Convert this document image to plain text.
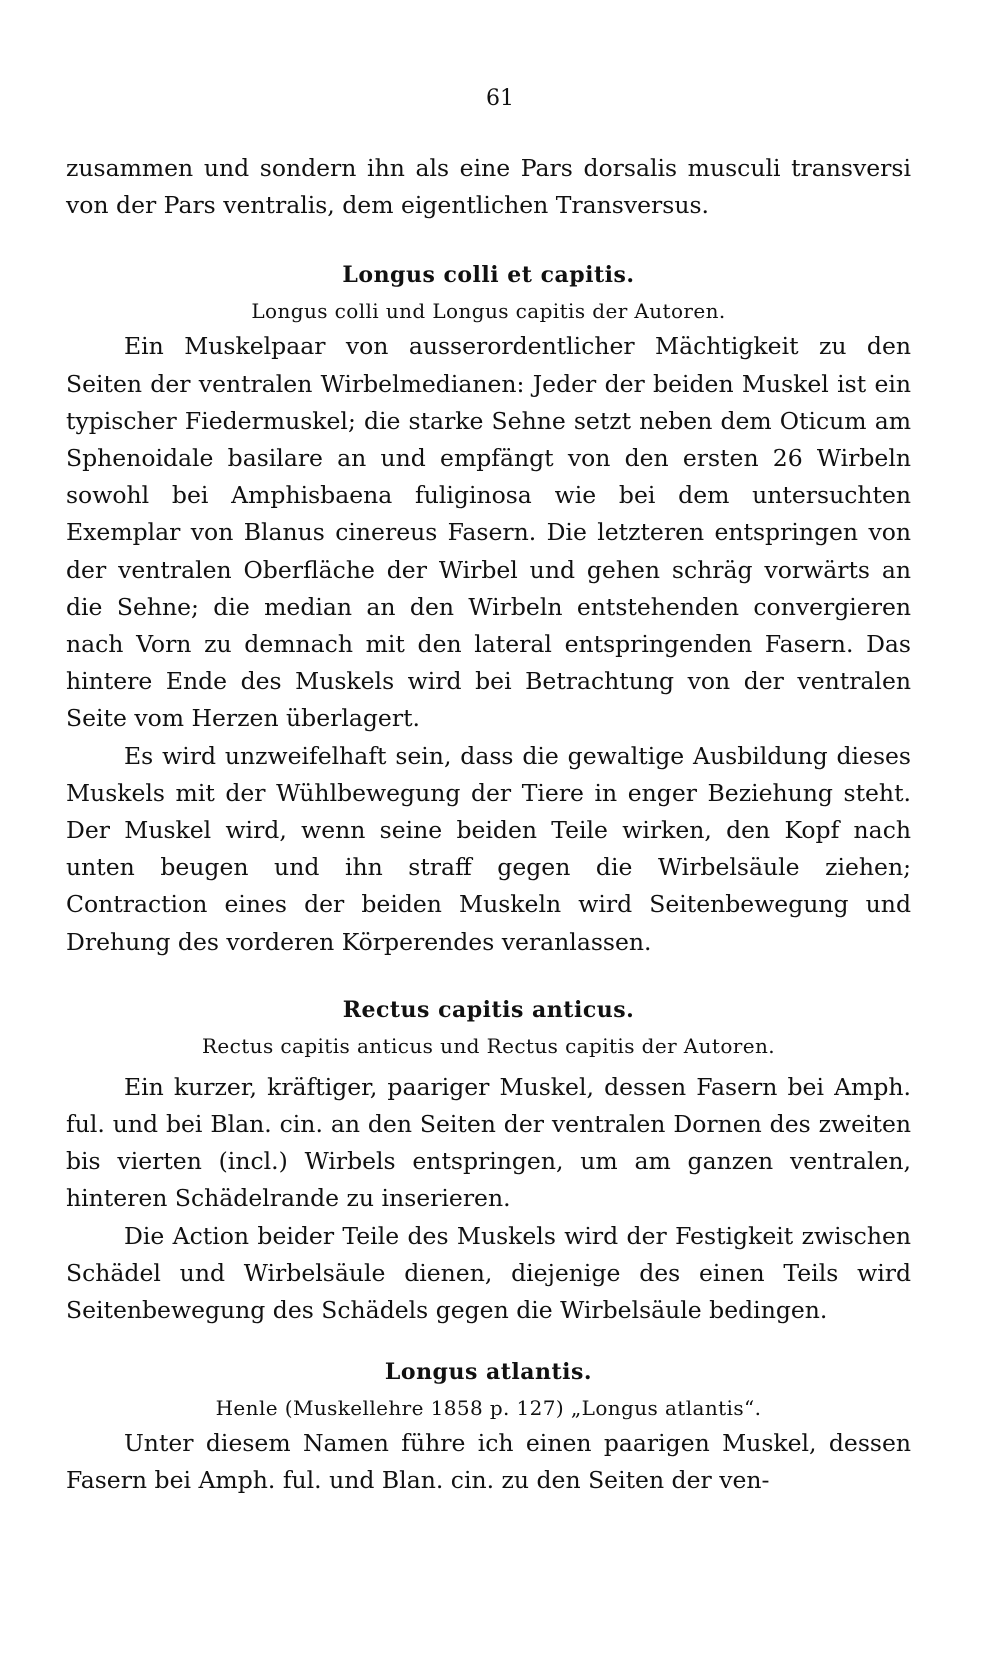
61

zusammen und sondern ihn als eine Pars dorsalis musculi transversi von der Pars ventralis, dem eigentlichen Transversus.

Longus colli et capitis.

Longus colli und Longus capitis der Autoren.

Ein Muskelpaar von ausserordentlicher Mächtigkeit zu den Seiten der ventralen Wirbelmedianen: Jeder der beiden Muskel ist ein typischer Fiedermuskel; die starke Sehne setzt neben dem Oticum am Sphenoidale basilare an und empfängt von den ersten 26 Wirbeln sowohl bei Amphisbaena fuliginosa wie bei dem untersuchten Exemplar von Blanus cinereus Fasern. Die letzteren entspringen von der ventralen Oberfläche der Wirbel und gehen schräg vorwärts an die Sehne; die median an den Wirbeln entstehenden convergieren nach Vorn zu demnach mit den lateral entspringenden Fasern. Das hintere Ende des Muskels wird bei Betrachtung von der ventralen Seite vom Herzen überlagert.

Es wird unzweifelhaft sein, dass die gewaltige Ausbildung dieses Muskels mit der Wühlbewegung der Tiere in enger Beziehung steht. Der Muskel wird, wenn seine beiden Teile wirken, den Kopf nach unten beugen und ihn straff gegen die Wirbelsäule ziehen; Contraction eines der beiden Muskeln wird Seitenbewegung und Drehung des vorderen Körperendes veranlassen.

Rectus capitis anticus.

Rectus capitis anticus und Rectus capitis der Autoren.

Ein kurzer, kräftiger, paariger Muskel, dessen Fasern bei Amph. ful. und bei Blan. cin. an den Seiten der ventralen Dornen des zweiten bis vierten (incl.) Wirbels entspringen, um am ganzen ventralen, hinteren Schädelrande zu inserieren.

Die Action beider Teile des Muskels wird der Festigkeit zwischen Schädel und Wirbelsäule dienen, diejenige des einen Teils wird Seitenbewegung des Schädels gegen die Wirbelsäule bedingen.

Longus atlantis.

Henle (Muskellehre 1858 p. 127) „Longus atlantis“.

Unter diesem Namen führe ich einen paarigen Muskel, dessen Fasern bei Amph. ful. und Blan. cin. zu den Seiten der ven-
